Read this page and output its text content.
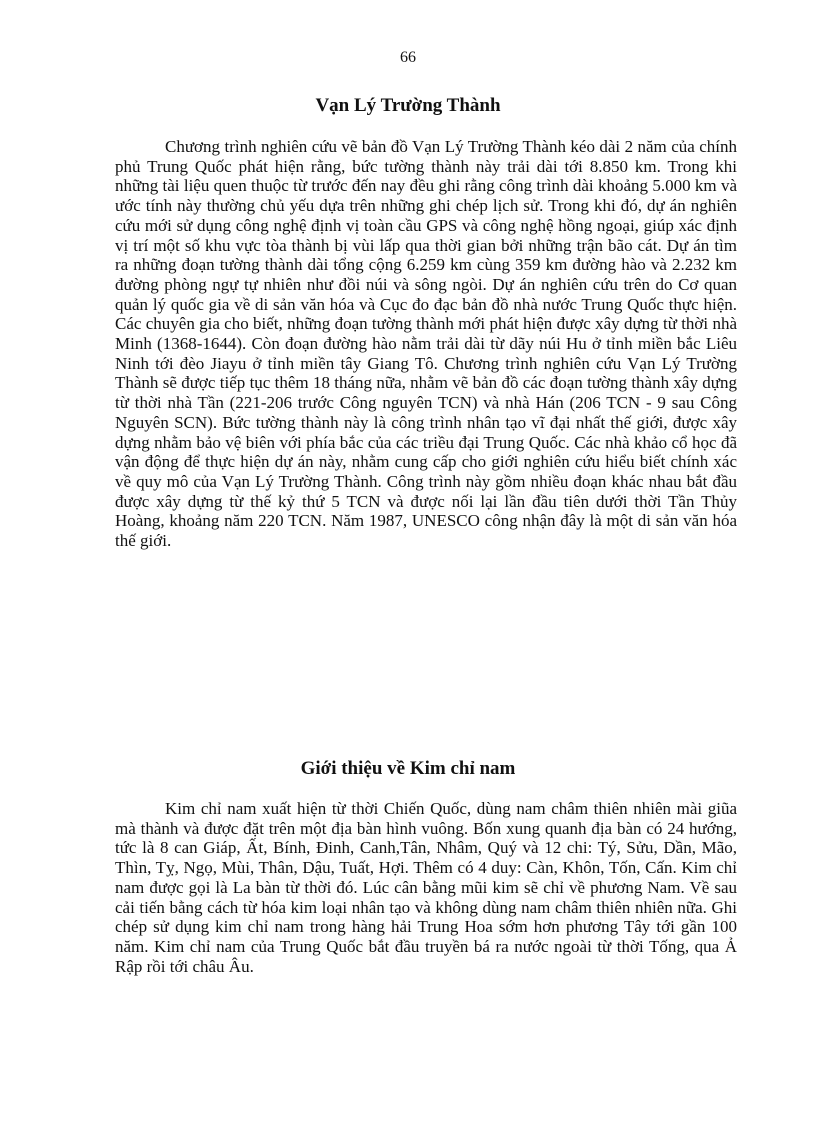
66
Vạn Lý Trường Thành

Chương trình nghiên cứu vẽ bản đồ Vạn Lý Trường Thành kéo dài 2 năm của chính phủ Trung Quốc phát hiện rằng, bức tường thành này trải dài tới 8.850 km. Trong khi những tài liệu quen thuộc từ trước đến nay đều ghi rằng công trình dài khoảng 5.000 km và ước tính này thường chủ yếu dựa trên những ghi chép lịch sử. Trong khi đó, dự án nghiên cứu mới sử dụng công nghệ định vị toàn cầu GPS và công nghệ hồng ngoại, giúp xác định vị trí một số khu vực tòa thành bị vùi lấp qua thời gian bởi những trận bão cát. Dự án tìm ra những đoạn tường thành dài tổng cộng 6.259 km cùng 359 km đường hào và 2.232 km đường phòng ngự tự nhiên như đồi núi và sông ngòi. Dự án nghiên cứu trên do Cơ quan quản lý quốc gia về di sản văn hóa và Cục đo đạc bản đồ nhà nước Trung Quốc thực hiện. Các chuyên gia cho biết, những đoạn tường thành mới phát hiện được xây dựng từ thời nhà Minh (1368-1644). Còn đoạn đường hào nằm trải dài từ dãy núi Hu ở tỉnh miền bắc Liêu Ninh tới đèo Jiayu ở tỉnh miền tây Giang Tô. Chương trình nghiên cứu Vạn Lý Trường Thành sẽ được tiếp tục thêm 18 tháng nữa, nhằm vẽ bản đồ các đoạn tường thành xây dựng từ thời nhà Tần (221-206 trước Công nguyên TCN) và nhà Hán (206 TCN - 9 sau Công Nguyên SCN). Bức tường thành này là công trình nhân tạo vĩ đại nhất thế giới, được xây dựng nhằm bảo vệ biên với phía bắc của các triều đại Trung Quốc. Các nhà khảo cổ học đã vận động để thực hiện dự án này, nhằm cung cấp cho giới nghiên cứu hiểu biết chính xác về quy mô của Vạn Lý Trường Thành. Công trình này gồm nhiều đoạn khác nhau bắt đầu được xây dựng từ thế kỷ thứ 5 TCN và được nối lại lần đầu tiên dưới thời Tần Thủy Hoàng, khoảng năm 220 TCN. Năm 1987, UNESCO công nhận đây là một di sản văn hóa thế giới.

Giới thiệu về Kim chỉ nam

Kim chỉ nam xuất hiện từ thời Chiến Quốc, dùng nam châm thiên nhiên mài giũa mà thành và được đặt trên một địa bàn hình vuông. Bốn xung quanh địa bàn có 24 hướng, tức là 8 can Giáp, Ất, Bính, Đinh, Canh,Tân, Nhâm, Quý và 12 chi: Tý, Sửu, Dần, Mão, Thìn, Tỵ, Ngọ, Mùi, Thân, Dậu, Tuất, Hợi. Thêm có 4 duy: Càn, Khôn, Tốn, Cấn. Kim chỉ nam được gọi là La bàn từ thời đó. Lúc cân bằng mũi kim sẽ chỉ về phương Nam. Về sau cải tiến bằng cách từ hóa kim loại nhân tạo và không dùng nam châm thiên nhiên nữa. Ghi chép sử dụng kim chỉ nam trong hàng hải Trung Hoa sớm hơn phương Tây tới gần 100 năm. Kim chỉ nam của Trung Quốc bắt đầu truyền bá ra nước ngoài từ thời Tống, qua Ả Rập rồi tới châu Âu.
